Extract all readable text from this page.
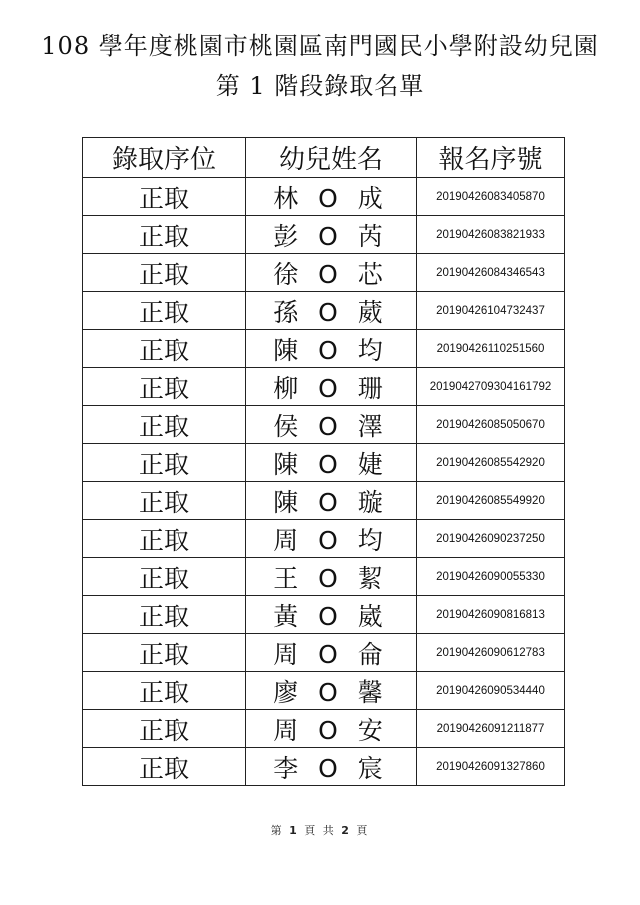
108 學年度桃園市桃園區南門國民小學附設幼兒園
第 1 階段錄取名單
錄取序位	幼兒姓名	報名序號
正取	林 O 成	20190426083405870
正取	彭 O 芮	20190426083821933
正取	徐 O 芯	20190426084346543
正取	孫 O 葳	20190426104732437
正取	陳 O 均	20190426110251560
正取	柳 O 珊	2019042709304161792
正取	侯 O 澤	20190426085050670
正取	陳 O 婕	20190426085542920
正取	陳 O 璇	20190426085549920
正取	周 O 均	20190426090237250
正取	王 O 絜	20190426090055330
正取	黃 O 崴	20190426090816813
正取	周 O 侖	20190426090612783
正取	廖 O 馨	20190426090534440
正取	周 O 安	20190426091211877
正取	李 O 宸	20190426091327860
第 1 頁 共 2 頁
